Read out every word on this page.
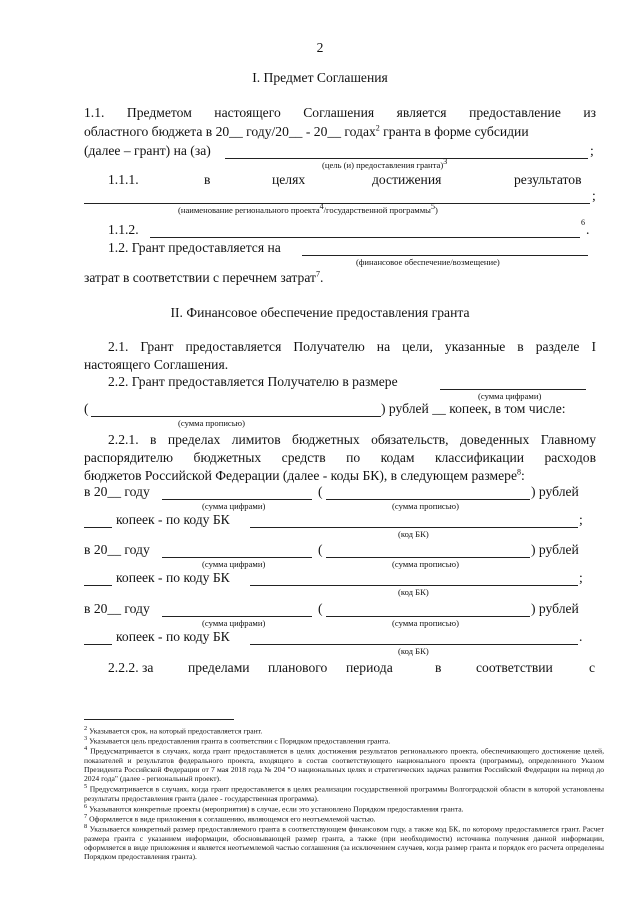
2
I. Предмет Соглашения
1.1. Предметом настоящего Соглашения является предоставление из
областного бюджета в 20__ году/20__ - 20__ годах$^2$ гранта в форме субсидии
(далее – грант) на (за)	;
(цель (и) предоставления гранта)3
1.1.1.	в	целях	достижения	результатов
;
(наименование регионального проекта4/государственной программы5)
1.1.2.	6 .
1.2. Грант предоставляется на
(финансовое обеспечение/возмещение)
затрат в соответствии с перечнем затрат$^7$.
II. Финансовое обеспечение предоставления гранта
2.1. Грант предоставляется Получателю на цели, указанные в разделе I
настоящего Соглашения.
2.2. Грант предоставляется Получателю в размере
(сумма цифрами)
(	) рублей __ копеек, в том числе:
(сумма прописью)
2.2.1. в пределах лимитов бюджетных обязательств, доведенных Главному
распорядителю бюджетных средств по кодам классификации расходов
бюджетов Российской Федерации (далее - коды БК), в следующем размере$^8$:
в 20__ году	(	) рублей
(сумма цифрами)	(сумма прописью)
копеек - по коду БК	;
(код БК)
в 20__ году	(	) рублей
(сумма цифрами)	(сумма прописью)
копеек - по коду БК	;
(код БК)
в 20__ году	(	) рублей
(сумма цифрами)	(сумма прописью)
копеек - по коду БК	.
(код БК)
2.2.2. за	пределами планового периода	в	соответствии	с
$^2$ Указывается срок, на который предоставляется грант.
$^3$ Указывается цель предоставления гранта в соответствии с Порядком предоставления гранта.
$^4$ Предусматривается в случаях, когда грант предоставляется в целях достижения результатов регионального проекта, обеспечивающего достижение целей, показателей и результатов федерального проекта, входящего в состав соответствующего национального проекта (программы), определенного Указом Президента Российской Федерации от 7 мая 2018 года № 204 "О национальных целях и стратегических задачах развития Российской Федерации на период до 2024 года" (далее - региональный проект).
$^5$ Предусматривается в случаях, когда грант предоставляется в целях реализации государственной программы Волгоградской области в которой установлены результаты предоставления гранта (далее - государственная программа).
$^6$ Указываются конкретные проекты (мероприятия) в случае, если это установлено Порядком предоставления гранта.
$^7$ Оформляется в виде приложения к соглашению, являющемся его неотъемлемой частью.
$^8$ Указывается конкретный размер предоставляемого гранта в соответствующем финансовом году, а также код БК, по которому предоставляется грант. Расчет размера гранта с указанием информации, обосновывающей размер гранта, а также (при необходимости) источника получения данной информации, оформляется в виде приложения и является неотъемлемой частью соглашения (за исключением случаев, когда размер гранта и порядок его расчета определены Порядком предоставления гранта).
